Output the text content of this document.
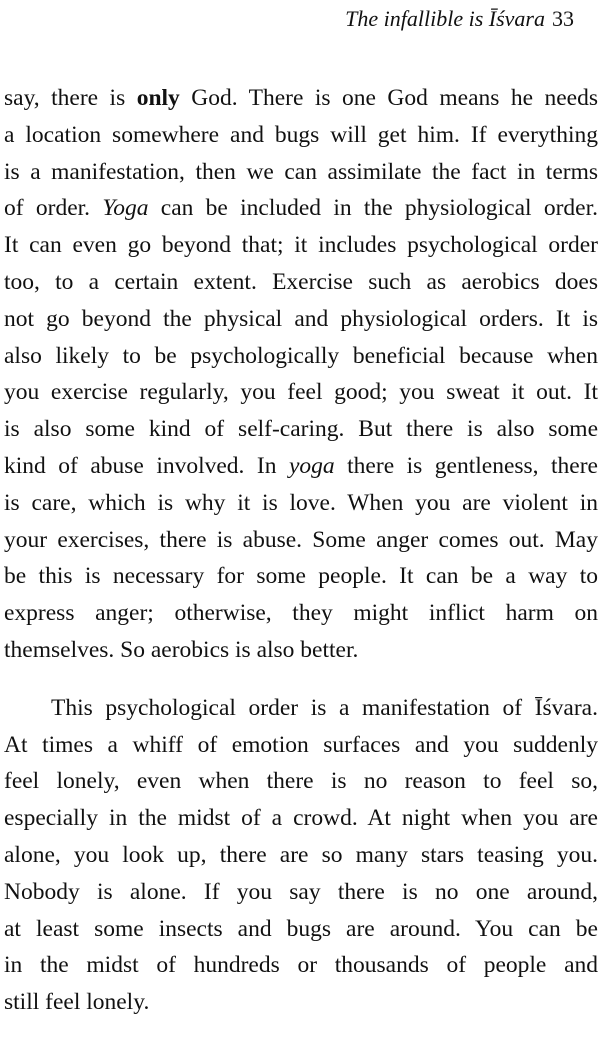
The infallible is Īśvara 33

say, there is only God. There is one God means he needs
a location somewhere and bugs will get him. If everything
is a manifestation, then we can assimilate the fact in terms
of order. Yoga can be included in the physiological order.
It can even go beyond that; it includes psychological order
too, to a certain extent. Exercise such as aerobics does
not go beyond the physical and physiological orders. It is
also likely to be psychologically beneficial because when
you exercise regularly, you feel good; you sweat it out. It
is also some kind of self-caring. But there is also some
kind of abuse involved. In yoga there is gentleness, there
is care, which is why it is love. When you are violent in
your exercises, there is abuse. Some anger comes out. May
be this is necessary for some people. It can be a way to
express anger; otherwise, they might inflict harm on
themselves. So aerobics is also better.

This psychological order is a manifestation of Īśvara.
At times a whiff of emotion surfaces and you suddenly
feel lonely, even when there is no reason to feel so,
especially in the midst of a crowd. At night when you are
alone, you look up, there are so many stars teasing you.
Nobody is alone. If you say there is no one around,
at least some insects and bugs are around. You can be
in the midst of hundreds or thousands of people and
still feel lonely.
